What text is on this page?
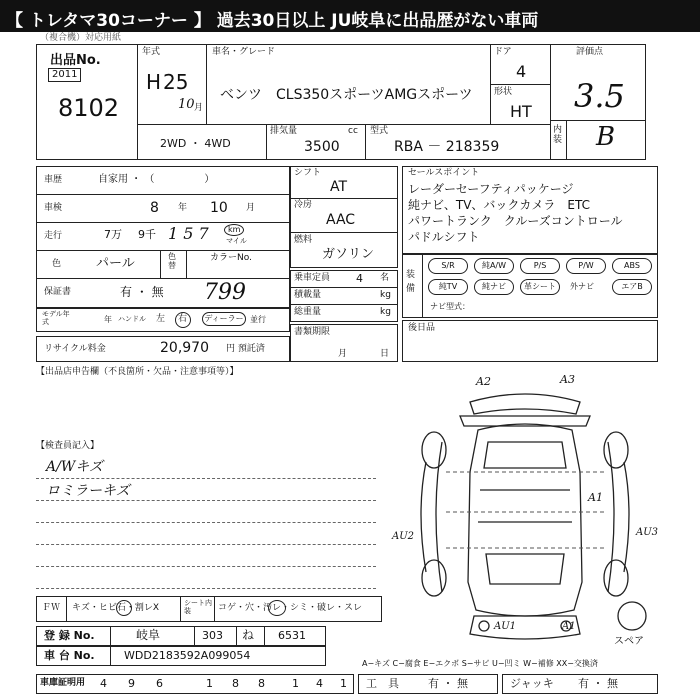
【 トレタマ30コーナー 】 過去30日以上 JU岐阜に出品歴がない車両
（複合機）対応用紙
出品No.
2011
8102
年式
H 25
10 月
車名・グレード
ベンツ　CLS350スポーツAMGスポーツ
ドア
4
形状
HT
評価点
3.5
内装 B
2WD ・ 4WD
排気量	cc
3500
型式
RBA － 218359
車歴	自家用 ・ （　　　　　）
車検	8 年 10 月
走行	7万 9千 1 5 7 km
マイル
色	パール	色替
カラーNo.
保証書	有 ・ 無 799
モデル年式	年 ハンドル 左 右 ディーラー 並行
リサイクル料金	20,970 円 預託済
シフト
AT
冷房
AAC
燃料
ガソリン
乗車定員 4 名
積載量	kg
総重量	kg
書類期限
月	日
セールスポイント
レーダーセーフティパッケージ
純ナビ、TV、バックカメラ　ETC
パワートランク　クルーズコントロール
パドルシフト
装備
S/R	純A/W	P/S	P/W	ABS
純TV	純ナビ	革シート	外ナビ	エアB
ナビ型式：
後日品
【出品店申告欄（不良箇所・欠品・注意事項等）】
【検査員記入】
A/Wキズ
ロミラーキズ
A2	A3
A1
AU2	AU3
AU1	A1
スペア
ＦＷ キズ・ヒビ石・割レX	シート内装	コゲ・穴・汚レ・シミ・破レ・スレ
登 録 No.	岐阜	303 ね 6531
車 台 No.	WDD2183592A099054
A−キズ C−腐食 E−エクボ S−サビ U−凹ミ W−補修 XX−交換済
車庫証明用 4 9 6	1 8 8 1 4 1 工　具	有 ・ 無	ジャッキ 有 ・ 無
